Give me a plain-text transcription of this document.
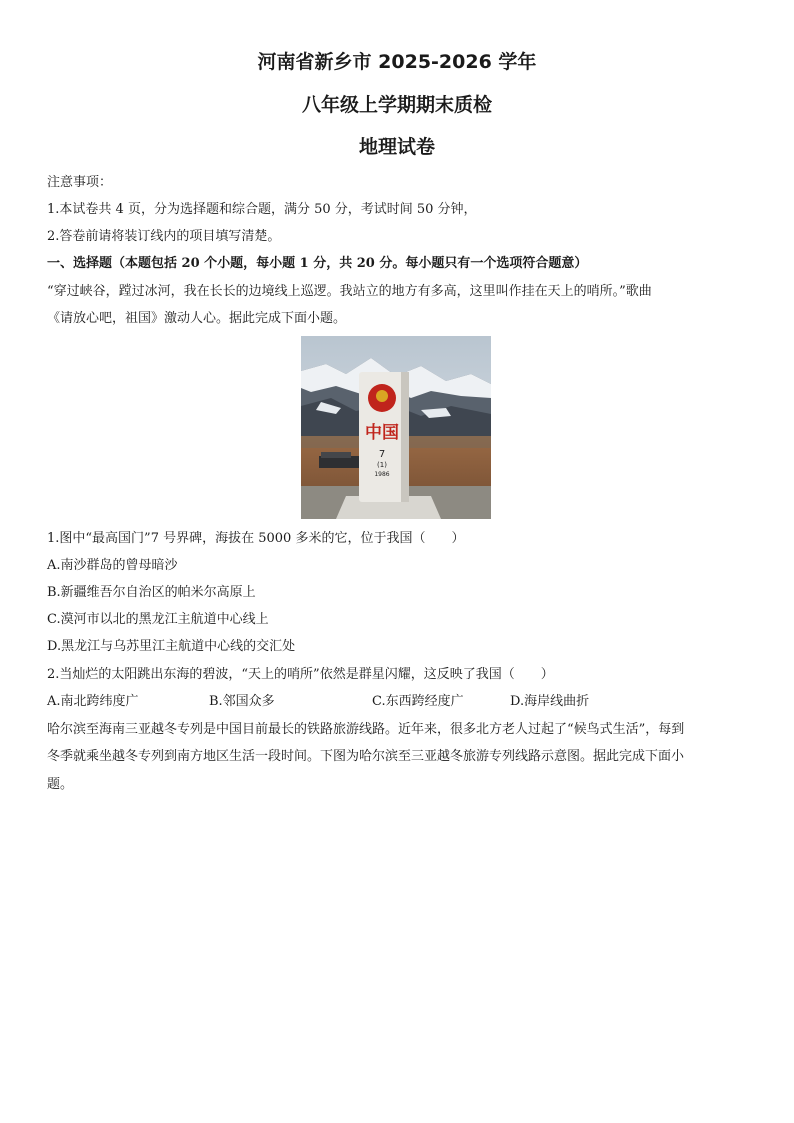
河南省新乡市 2025-2026 学年
八年级上学期期末质检
地理试卷
注意事项：
1.本试卷共 4 页，分为选择题和综合题，满分 50 分，考试时间 50 分钟，
2.答卷前请将装订线内的项目填写清楚。
一、选择题（本题包括 20 个小题，每小题 1 分，共 20 分。每小题只有一个选项符合题意）
“穿过峡谷，蹚过冰河，我在长长的边境线上巡逻。我站立的地方有多高，这里叫作挂在天上的哨所。”歌曲
《请放心吧，祖国》激动人心。据此完成下面小题。
中国
7
(1)
1986
1.图中“最高国门”7 号界碑，海拔在 5000 多米的它，位于我国（　　）
A.南沙群岛的曾母暗沙
B.新疆维吾尔自治区的帕米尔高原上
C.漠河市以北的黑龙江主航道中心线上
D.黑龙江与乌苏里江主航道中心线的交汇处
2.当灿烂的太阳跳出东海的碧波，“天上的哨所”依然是群星闪耀，这反映了我国（　　）
A.南北跨纬度广	B.邻国众多	C.东西跨经度广	D.海岸线曲折
哈尔滨至海南三亚越冬专列是中国目前最长的铁路旅游线路。近年来，很多北方老人过起了“候鸟式生活”，每到
冬季就乘坐越冬专列到南方地区生活一段时间。下图为哈尔滨至三亚越冬旅游专列线路示意图。据此完成下面小
题。
